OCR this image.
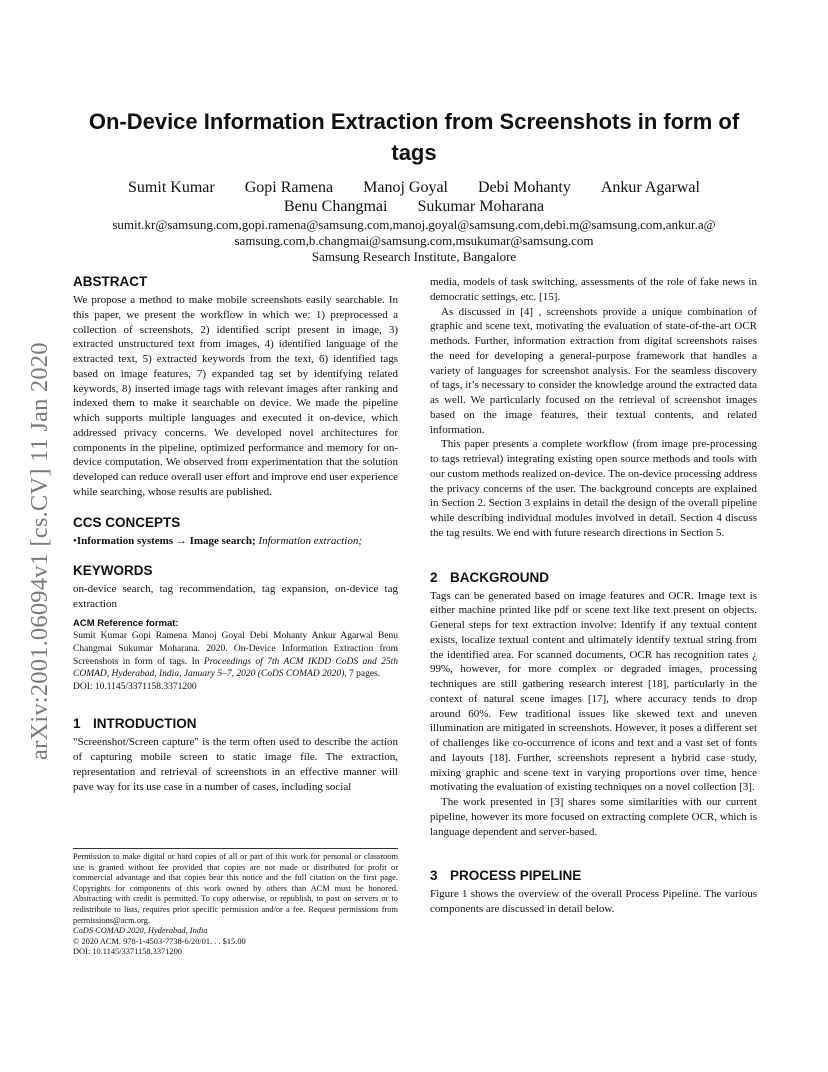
arXiv:2001.06094v1 [cs.CV] 11 Jan 2020
On-Device Information Extraction from Screenshots in form of tags
Sumit Kumar Gopi Ramena Manoj Goyal Debi Mohanty Ankur Agarwal
Benu Changmai Sukumar Moharana
sumit.kr@samsung.com,gopi.ramena@samsung.com,manoj.goyal@samsung.com,debi.m@samsung.com,ankur.a@
samsung.com,b.changmai@samsung.com,msukumar@samsung.com
Samsung Research Institute, Bangalore
ABSTRACT

We propose a method to make mobile screenshots easily searchable. In this paper, we present the workflow in which we: 1) preprocessed a collection of screenshots, 2) identified script present in image, 3) extracted unstructured text from images, 4) identified language of the extracted text, 5) extracted keywords from the text, 6) identified tags based on image features, 7) expanded tag set by identifying related keywords, 8) inserted image tags with relevant images after ranking and indexed them to make it searchable on device. We made the pipeline which supports multiple languages and executed it on-device, which addressed privacy concerns. We developed novel architectures for components in the pipeline, optimized performance and memory for on-device computation. We observed from experimentation that the solution developed can reduce overall user effort and improve end user experience while searching, whose results are published.

CCS CONCEPTS

•Information systems → Image search; Information extraction;

KEYWORDS

on-device search, tag recommendation, tag expansion, on-device tag extraction

ACM Reference format:

Sumit Kumar Gopi Ramena Manoj Goyal Debi Mohanty Ankur Agarwal Benu Changmai Sukumar Moharana. 2020. On-Device Information Extraction from Screenshots in form of tags. In Proceedings of 7th ACM IKDD CoDS and 25th COMAD, Hyderabad, India, January 5–7, 2020 (CoDS COMAD 2020), 7 pages.

DOI: 10.1145/3371158.3371200

1 INTRODUCTION

"Screenshot/Screen capture" is the term often used to describe the action of capturing mobile screen to static image file. The extraction, representation and retrieval of screenshots in an effective manner will pave way for its use case in a number of cases, including social

Permission to make digital or hard copies of all or part of this work for personal or classroom use is granted without fee provided that copies are not made or distributed for profit or commercial advantage and that copies bear this notice and the full citation on the first page. Copyrights for components of this work owned by others than ACM must be honored. Abstracting with credit is permitted. To copy otherwise, or republish, to post on servers or to redistribute to lists, requires prior specific permission and/or a fee. Request permissions from permissions@acm.org.

CoDS COMAD 2020, Hyderabad, India

© 2020 ACM. 978-1-4503-7738-6/20/01. . . $15.00

DOI: 10.1145/3371158.3371200

media, models of task switching, assessments of the role of fake news in democratic settings, etc. [15].

As discussed in [4] , screenshots provide a unique combination of graphic and scene text, motivating the evaluation of state-of-the-art OCR methods. Further, information extraction from digital screenshots raises the need for developing a general-purpose framework that handles a variety of languages for screenshot analysis. For the seamless discovery of tags, it’s necessary to consider the knowledge around the extracted data as well. We particularly focused on the retrieval of screenshot images based on the image features, their textual contents, and related information.

This paper presents a complete workflow (from image pre-processing to tags retrieval) integrating existing open source methods and tools with our custom methods realized on-device. The on-device processing address the privacy concerns of the user. The background concepts are explained in Section 2. Section 3 explains in detail the design of the overall pipeline while describing individual modules involved in detail. Section 4 discuss the tag results. We end with future research directions in Section 5.

2 BACKGROUND

Tags can be generated based on image features and OCR. Image text is either machine printed like pdf or scene text like text present on objects. General steps for text extraction involve: Identify if any textual content exists, localize textual content and ultimately identify textual string from the identified area. For scanned documents, OCR has recognition rates ¿ 99%, however, for more complex or degraded images, processing techniques are still gathering research interest [18], particularly in the context of natural scene images [17], where accuracy tends to drop around 60%. Few traditional issues like skewed text and uneven illumination are mitigated in screenshots. However, it poses a different set of challenges like co-occurrence of icons and text and a vast set of fonts and layouts [18]. Further, screenshots represent a hybrid case study, mixing graphic and scene text in varying proportions over time, hence motivating the evaluation of existing techniques on a novel collection [3].

The work presented in [3] shares some similarities with our current pipeline, however its more focused on extracting complete OCR, which is language dependent and server-based.

3 PROCESS PIPELINE

Figure 1 shows the overview of the overall Process Pipeline. The various components are discussed in detail below.
